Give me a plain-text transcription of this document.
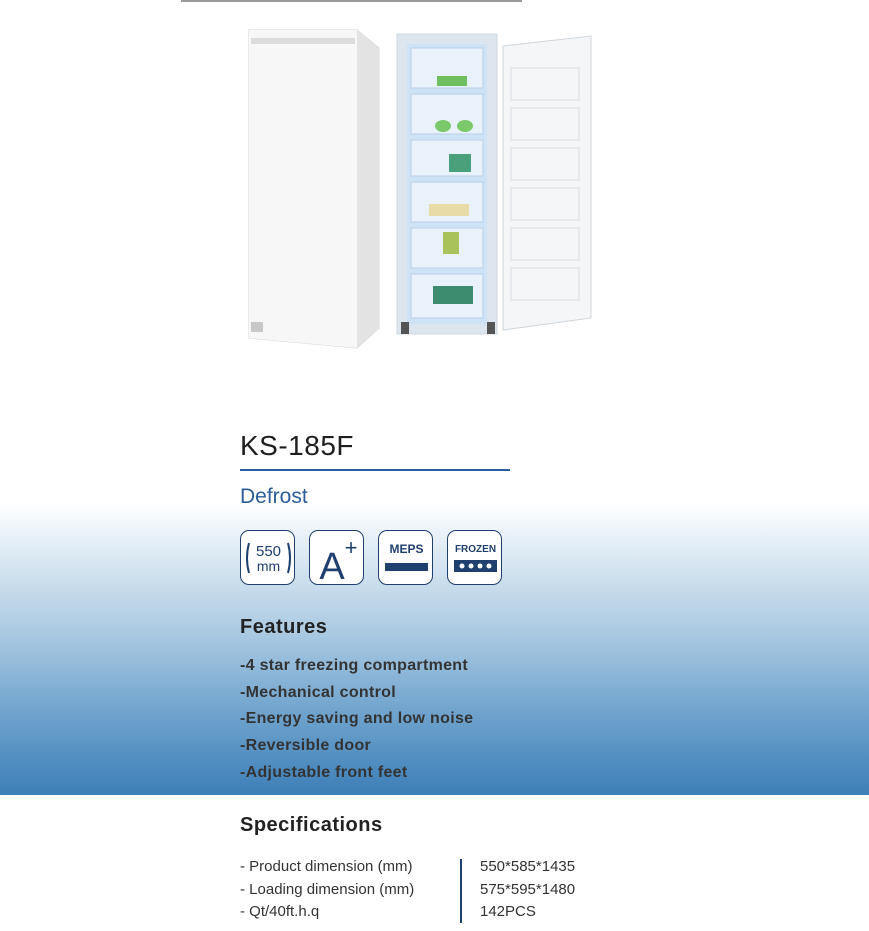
KS-185F
Defrost
550
mm A +	MEPS	FROZEN
Features
-4 star freezing compartment
-Mechanical control
-Energy saving and low noise
-Reversible door
-Adjustable front feet
Specifications
- Product dimension (mm)	550*585*1435
- Loading dimension (mm)	575*595*1480
- Qt/40ft.h.q	142PCS
